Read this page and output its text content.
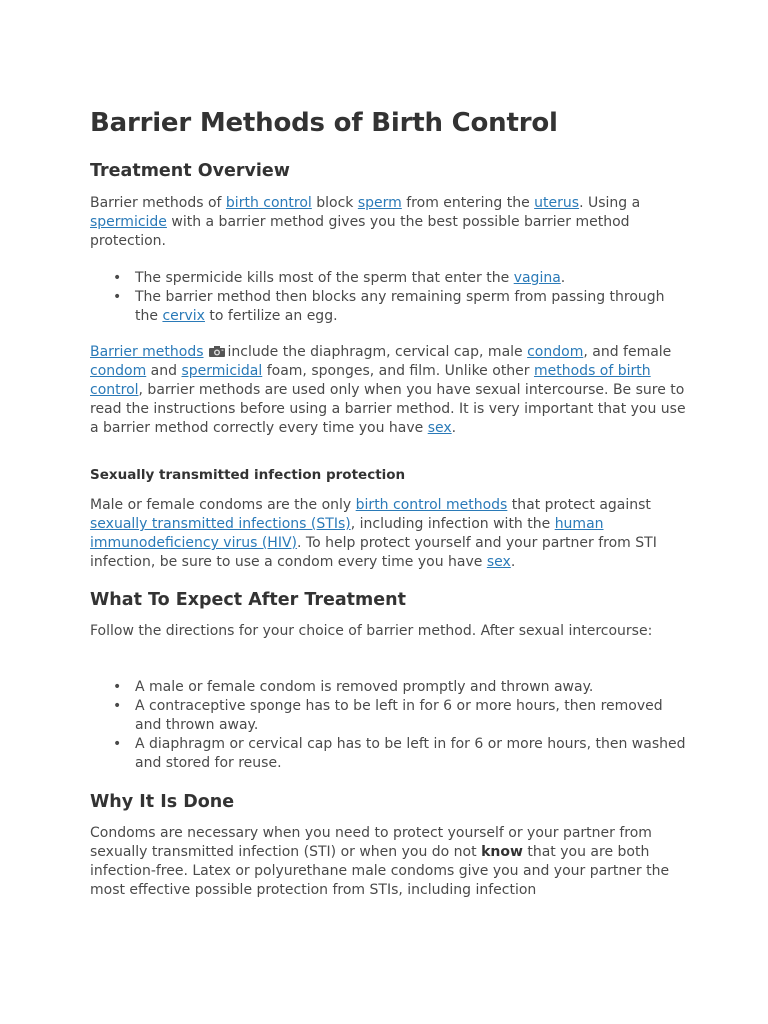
Barrier Methods of Birth Control
Treatment Overview

Barrier methods of birth control block sperm from entering the uterus. Using a spermicide with a barrier method gives you the best possible barrier method protection.

• The spermicide kills most of the sperm that enter the vagina.
• The barrier method then blocks any remaining sperm from passing through the cervix to fertilize an egg.

Barrier methods include the diaphragm, cervical cap, male condom, and female condom and spermicidal foam, sponges, and film. Unlike other methods of birth control, barrier methods are used only when you have sexual intercourse. Be sure to read the instructions before using a barrier method. It is very important that you use a barrier method correctly every time you have sex.

Sexually transmitted infection protection

Male or female condoms are the only birth control methods that protect against sexually transmitted infections (STIs), including infection with the human immunodeficiency virus (HIV). To help protect yourself and your partner from STI infection, be sure to use a condom every time you have sex.

What To Expect After Treatment

Follow the directions for your choice of barrier method. After sexual intercourse:

• A male or female condom is removed promptly and thrown away.
• A contraceptive sponge has to be left in for 6 or more hours, then removed and thrown away.
• A diaphragm or cervical cap has to be left in for 6 or more hours, then washed and stored for reuse.
Why It Is Done

Condoms are necessary when you need to protect yourself or your partner from sexually transmitted infection (STI) or when you do not know that you are both infection-free. Latex or polyurethane male condoms give you and your partner the most effective possible protection from STIs, including infection
